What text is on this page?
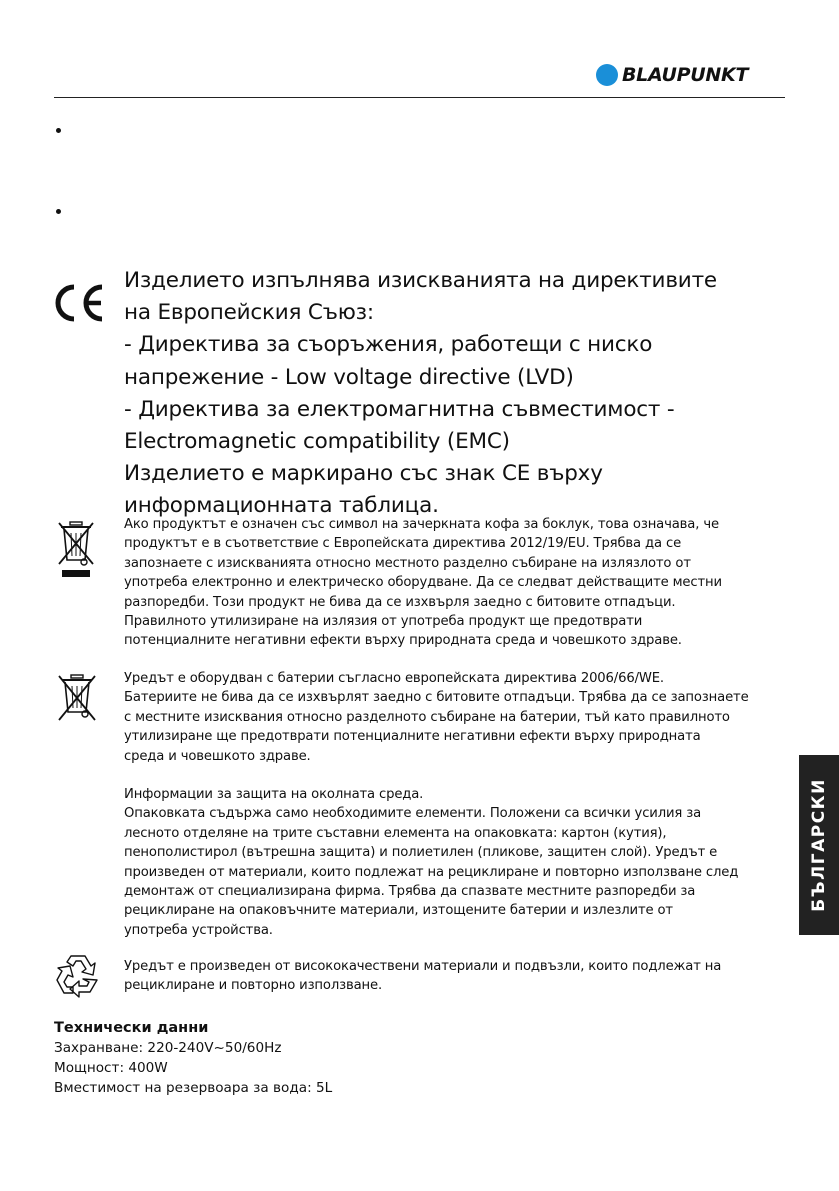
BLAUPUNKT
Изделието изпълнява изискванията на директивите
на Европейския Съюз:
- Директива за съоръжения, работещи с ниско
напрежение - Low voltage directive (LVD)
- Директива за електромагнитна съвместимост -
Electromagnetic compatibility (EMC)
Изделието е маркирано със знак CE върху
информационната таблица.
Ако продуктът е означен със символ на зачеркната кофа за боклук, това означава, че
продуктът е в съответствие с Европейската директива 2012/19/EU. Трябва да се
запознаете с изискванията относно местното разделно събиране на излязлото от
употреба електронно и електрическо оборудване. Да се следват действащите местни
разпоредби. Този продукт не бива да се изхвърля заедно с битовите отпадъци.
Правилното утилизиране на излязия от употреба продукт ще предотврати
потенциалните негативни ефекти върху природната среда и човешкото здраве.
Уредът е оборудван с батерии съгласно европейската директива 2006/66/WE.
Батериите не бива да се изхвърлят заедно с битовите отпадъци. Трябва да се запознаете
с местните изисквания относно разделното събиране на батерии, тъй като правилното
утилизиране ще предотврати потенциалните негативни ефекти върху природната
среда и човешкото здраве.
Информации за защита на околната среда.
Опаковката съдържа само необходимите елементи. Положени са всички усилия за
лесното отделяне на трите съставни елемента на опаковката: картон (кутия),
пенополистирол (вътрешна защита) и полиетилен (пликове, защитен слой). Уредът е
произведен от материали, които подлежат на рециклиране и повторно използване след
демонтаж от специализирана фирма. Трябва да спазвате местните разпоредби за
рециклиране на опаковъчните материали, изтощените батерии и излезлите от
употреба устройства.
Уредът е произведен от висококачествени материали и подвъзли, които подлежат на
рециклиране и повторно използване.
Технически данни
Захранване: 220-240V~50/60Hz
Мощност: 400W
Вместимост на резервоара за вода: 5L
БЪЛГАРСКИ
